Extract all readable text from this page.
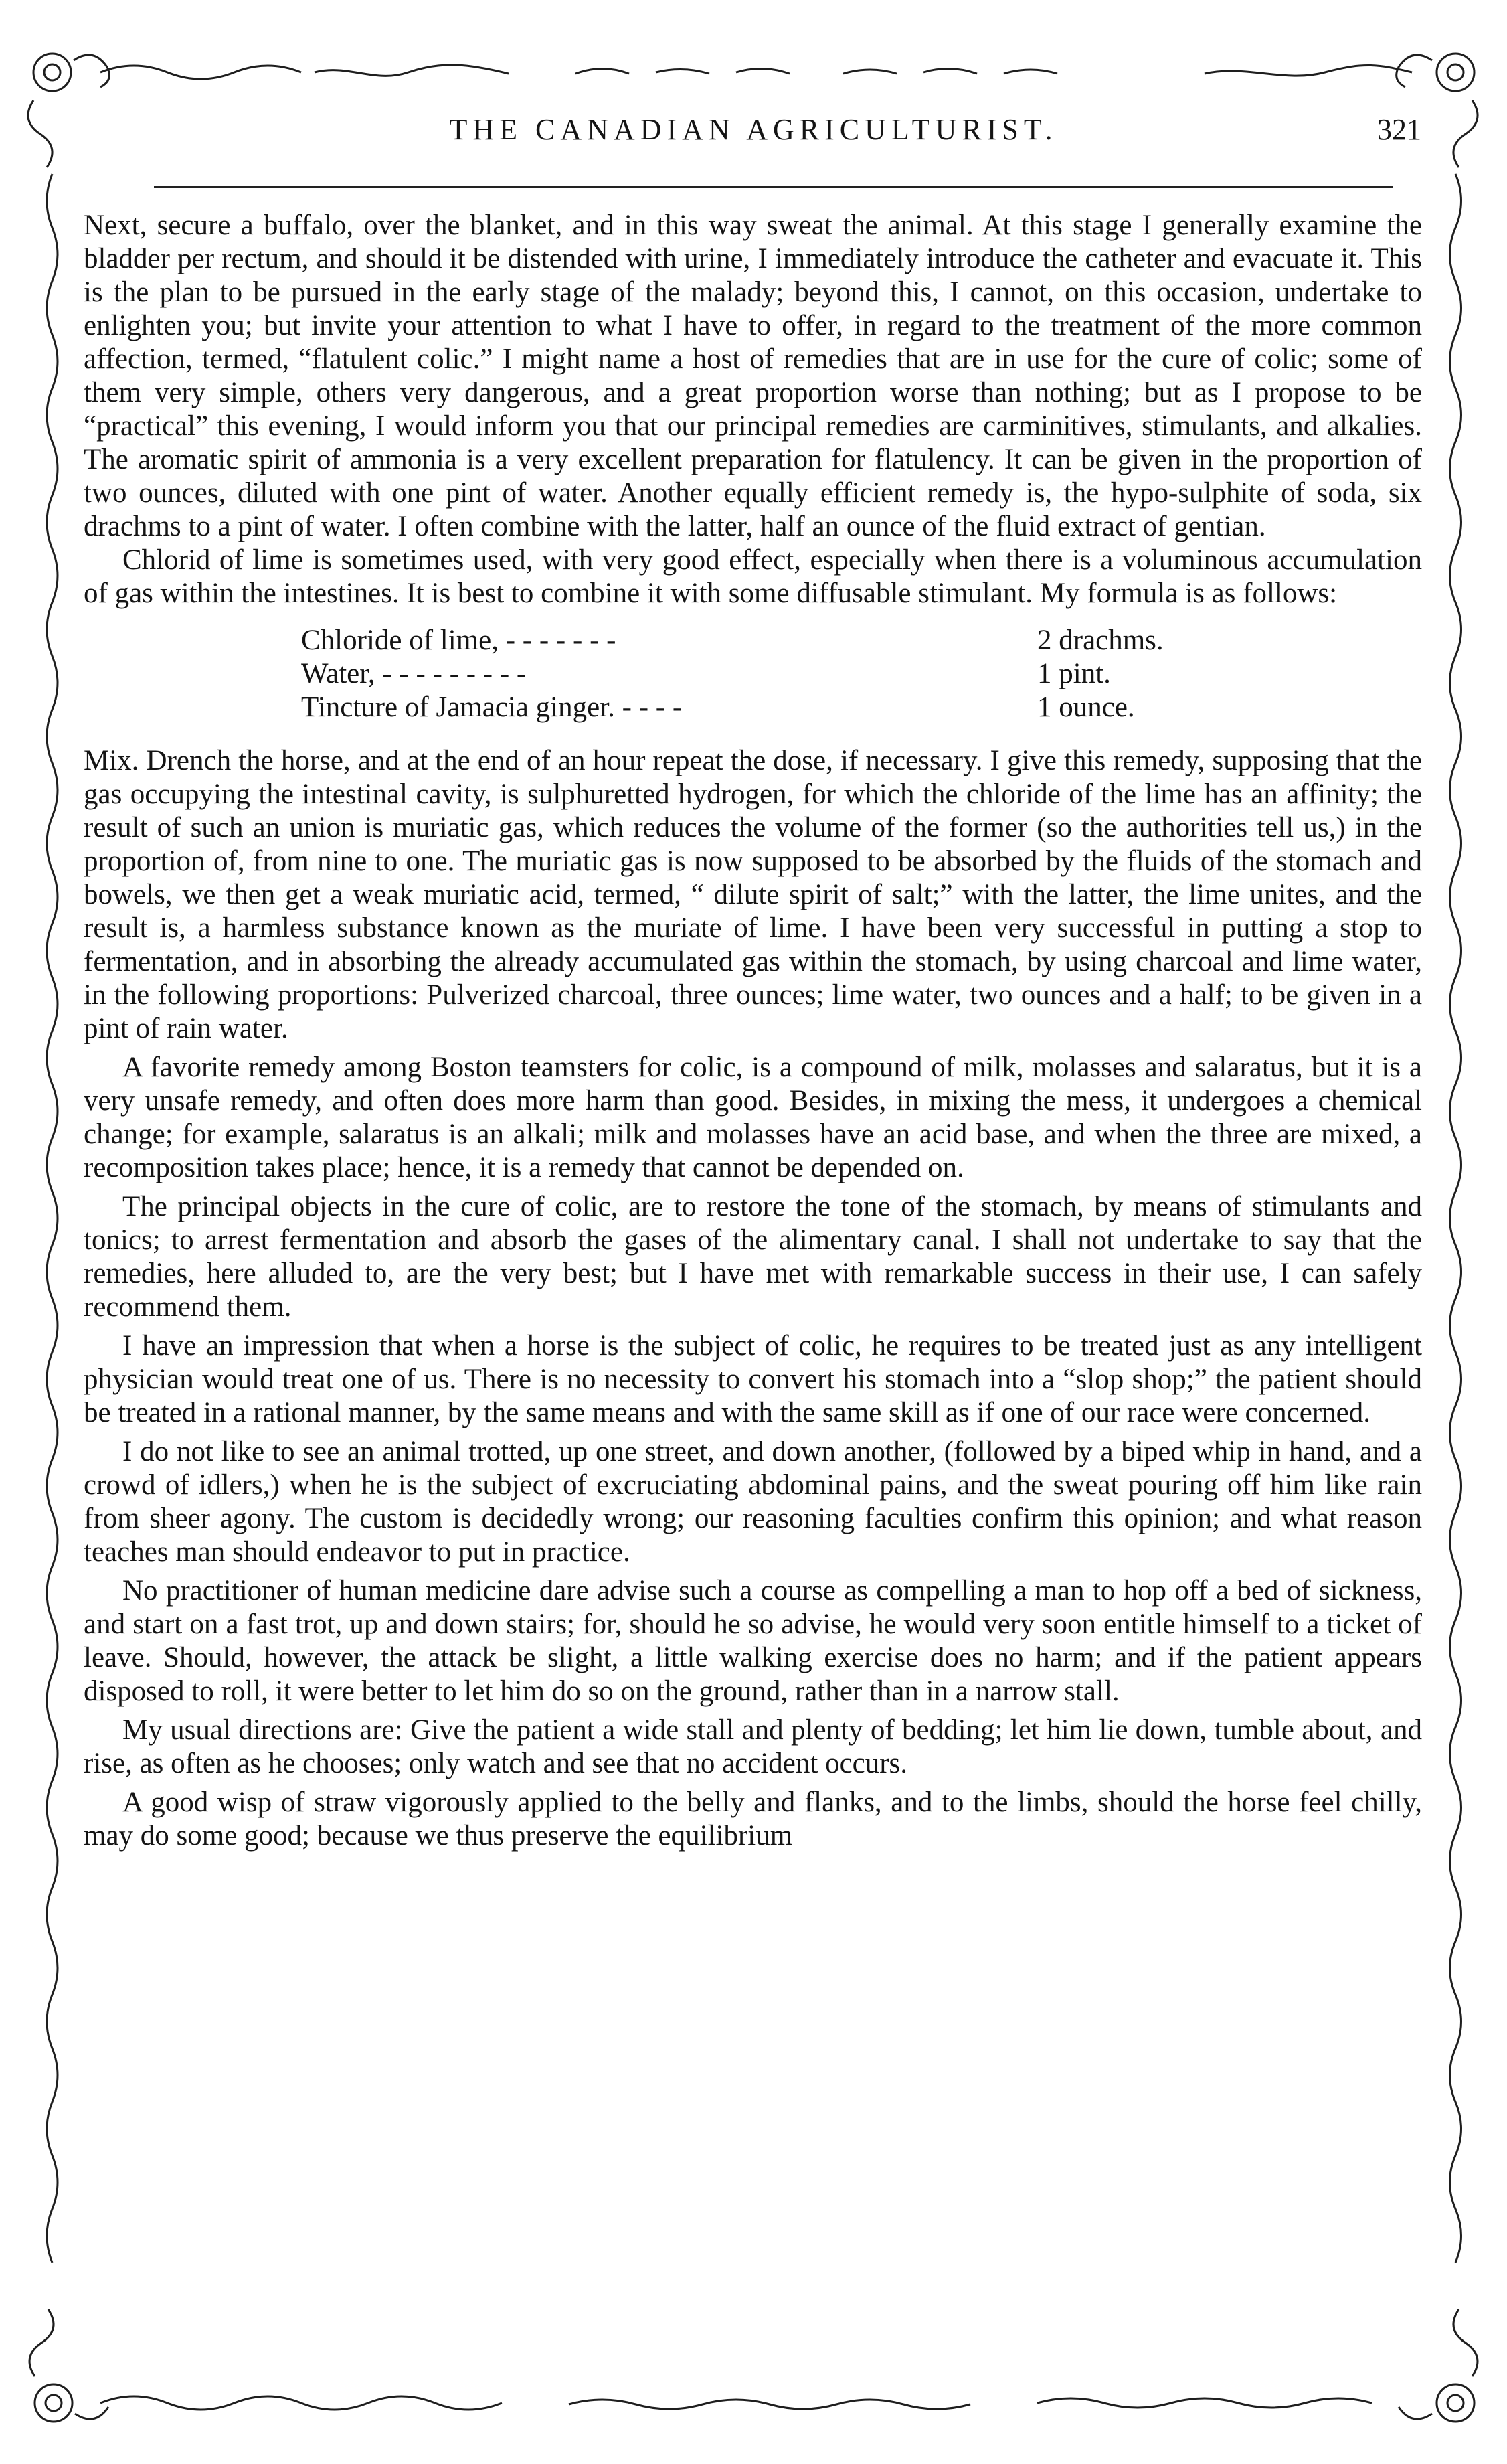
THE CANADIAN AGRICULTURIST.	321

Next, secure a buffalo, over the blanket, and in this way sweat the animal. At this stage I generally examine the bladder per rectum, and should it be distended with urine, I immediately introduce the catheter and evacuate it. This is the plan to be pursued in the early stage of the malady; beyond this, I cannot, on this occasion, undertake to enlighten you; but invite your attention to what I have to offer, in regard to the treatment of the more common affection, termed, “flatulent colic.” I might name a host of remedies that are in use for the cure of colic; some of them very simple, others very dangerous, and a great proportion worse than nothing; but as I propose to be “practical” this evening, I would inform you that our principal remedies are carminitives, stimulants, and alkalies. The aromatic spirit of ammonia is a very excellent preparation for flatulency. It can be given in the proportion of two ounces, diluted with one pint of water. Another equally efficient remedy is, the hypo-sulphite of soda, six drachms to a pint of water. I often combine with the latter, half an ounce of the fluid extract of gentian.

Chlorid of lime is sometimes used, with very good effect, especially when there is a voluminous accumulation of gas within the intestines. It is best to combine it with some diffusable stimulant. My formula is as follows:

Chloride of lime, - - - - - - -	2 drachms.
Water, - - - - - - - - -	1 pint.
Tincture of Jamacia ginger. - - - -	1 ounce.

Mix. Drench the horse, and at the end of an hour repeat the dose, if necessary. I give this remedy, supposing that the gas occupying the intestinal cavity, is sulphuretted hydrogen, for which the chloride of the lime has an affinity; the result of such an union is muriatic gas, which reduces the volume of the former (so the authorities tell us,) in the proportion of, from nine to one. The muriatic gas is now supposed to be absorbed by the fluids of the stomach and bowels, we then get a weak muriatic acid, termed, “ dilute spirit of salt;” with the latter, the lime unites, and the result is, a harmless substance known as the muriate of lime. I have been very successful in putting a stop to fermentation, and in absorbing the already accumulated gas within the stomach, by using charcoal and lime water, in the following proportions: Pulverized charcoal, three ounces; lime water, two ounces and a half; to be given in a pint of rain water.

A favorite remedy among Boston teamsters for colic, is a compound of milk, molasses and salaratus, but it is a very unsafe remedy, and often does more harm than good. Besides, in mixing the mess, it undergoes a chemical change; for example, salaratus is an alkali; milk and molasses have an acid base, and when the three are mixed, a recomposition takes place; hence, it is a remedy that cannot be depended on.

The principal objects in the cure of colic, are to restore the tone of the stomach, by means of stimulants and tonics; to arrest fermentation and absorb the gases of the alimentary canal. I shall not undertake to say that the remedies, here alluded to, are the very best; but I have met with remarkable success in their use, I can safely recommend them.

I have an impression that when a horse is the subject of colic, he requires to be treated just as any intelligent physician would treat one of us. There is no necessity to convert his stomach into a “slop shop;” the patient should be treated in a rational manner, by the same means and with the same skill as if one of our race were concerned.

I do not like to see an animal trotted, up one street, and down another, (followed by a biped whip in hand, and a crowd of idlers,) when he is the subject of excruciating abdominal pains, and the sweat pouring off him like rain from sheer agony. The custom is decidedly wrong; our reasoning faculties confirm this opinion; and what reason teaches man should endeavor to put in practice.

No practitioner of human medicine dare advise such a course as compelling a man to hop off a bed of sickness, and start on a fast trot, up and down stairs; for, should he so advise, he would very soon entitle himself to a ticket of leave. Should, however, the attack be slight, a little walking exercise does no harm; and if the patient appears disposed to roll, it were better to let him do so on the ground, rather than in a narrow stall.

My usual directions are: Give the patient a wide stall and plenty of bedding; let him lie down, tumble about, and rise, as often as he chooses; only watch and see that no accident occurs.

A good wisp of straw vigorously applied to the belly and flanks, and to the limbs, should the horse feel chilly, may do some good; because we thus preserve the equilibrium
